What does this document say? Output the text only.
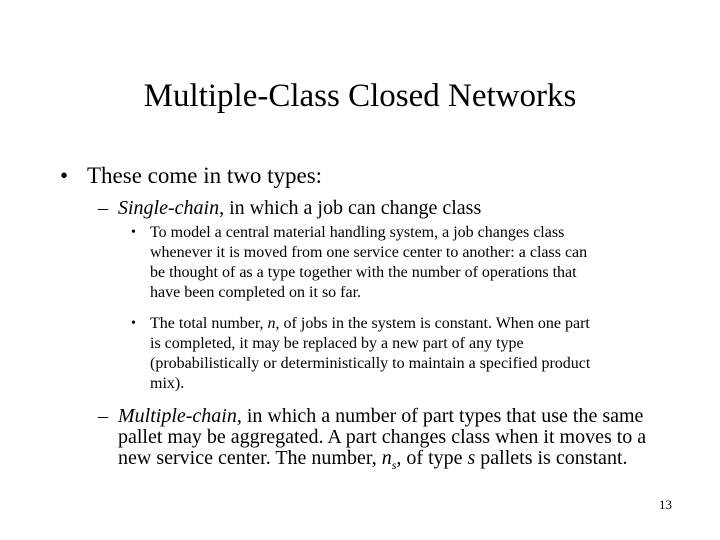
Multiple-Class Closed Networks
• These come in two types:
– Single-chain, in which a job can change class
• To model a central material handling system, a job changes class
whenever it is moved from one service center to another: a class can
be thought of as a type together with the number of operations that
have been completed on it so far.
• The total number, n, of jobs in the system is constant. When one part
is completed, it may be replaced by a new part of any type
(probabilistically or deterministically to maintain a specified product
mix).
– Multiple-chain, in which a number of part types that use the same
pallet may be aggregated. A part changes class when it moves to a
new service center. The number, $n_s$, of type s pallets is constant.
13
